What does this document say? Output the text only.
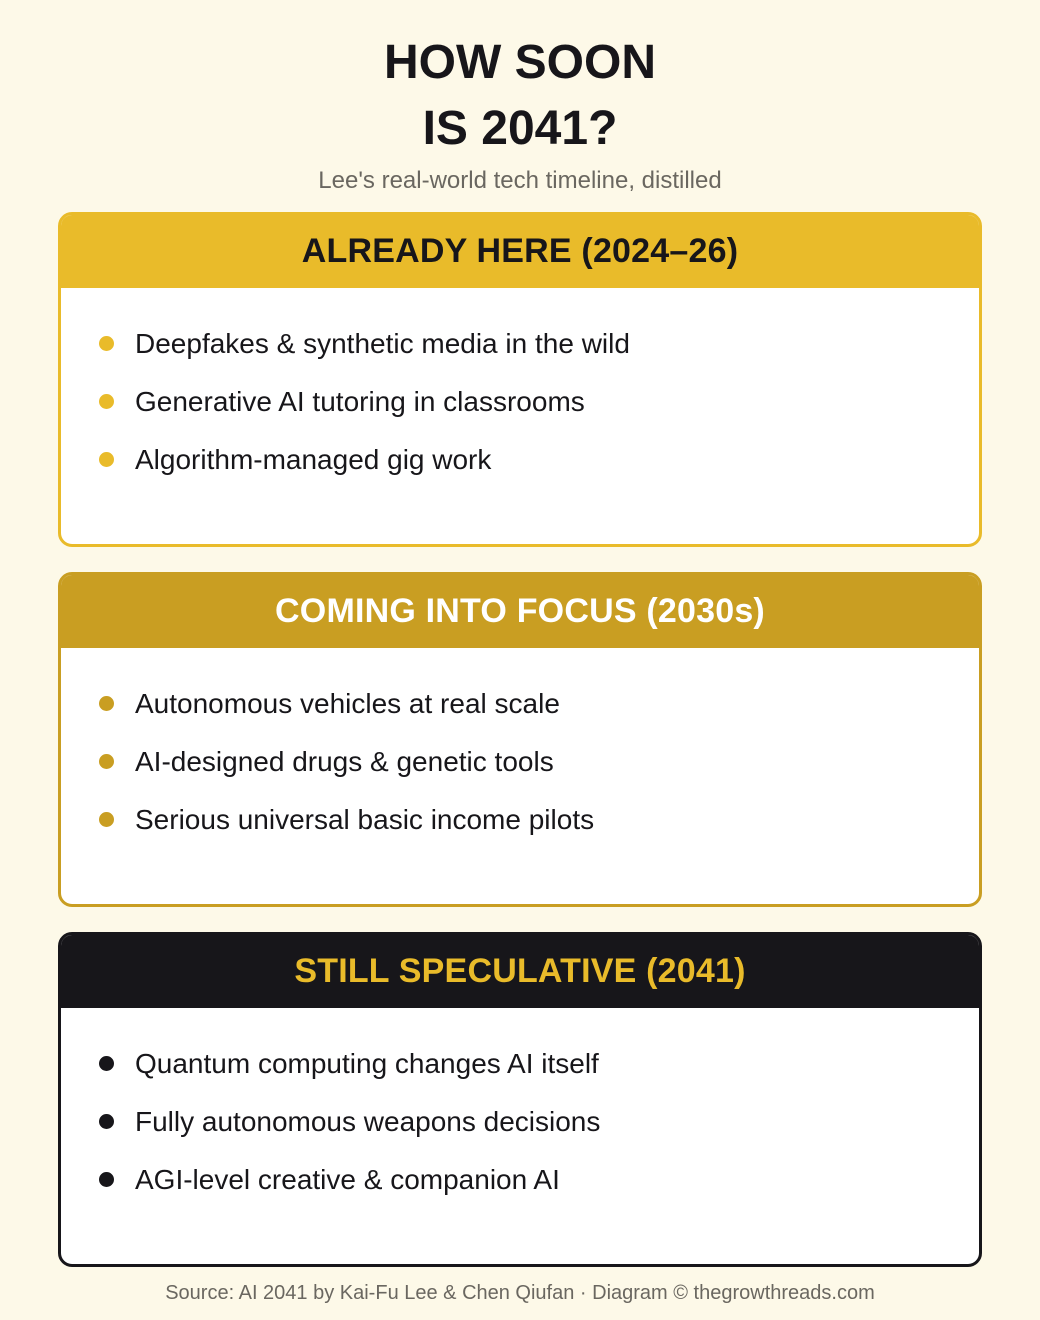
HOW SOON
IS 2041?
Lee's real-world tech timeline, distilled
ALREADY HERE (2024–26)
Deepfakes & synthetic media in the wild
Generative AI tutoring in classrooms
Algorithm-managed gig work
COMING INTO FOCUS (2030s)
Autonomous vehicles at real scale
AI-designed drugs & genetic tools
Serious universal basic income pilots
STILL SPECULATIVE (2041)
Quantum computing changes AI itself
Fully autonomous weapons decisions
AGI-level creative & companion AI
Source: AI 2041 by Kai-Fu Lee & Chen Qiufan · Diagram © thegrowthreads.com
